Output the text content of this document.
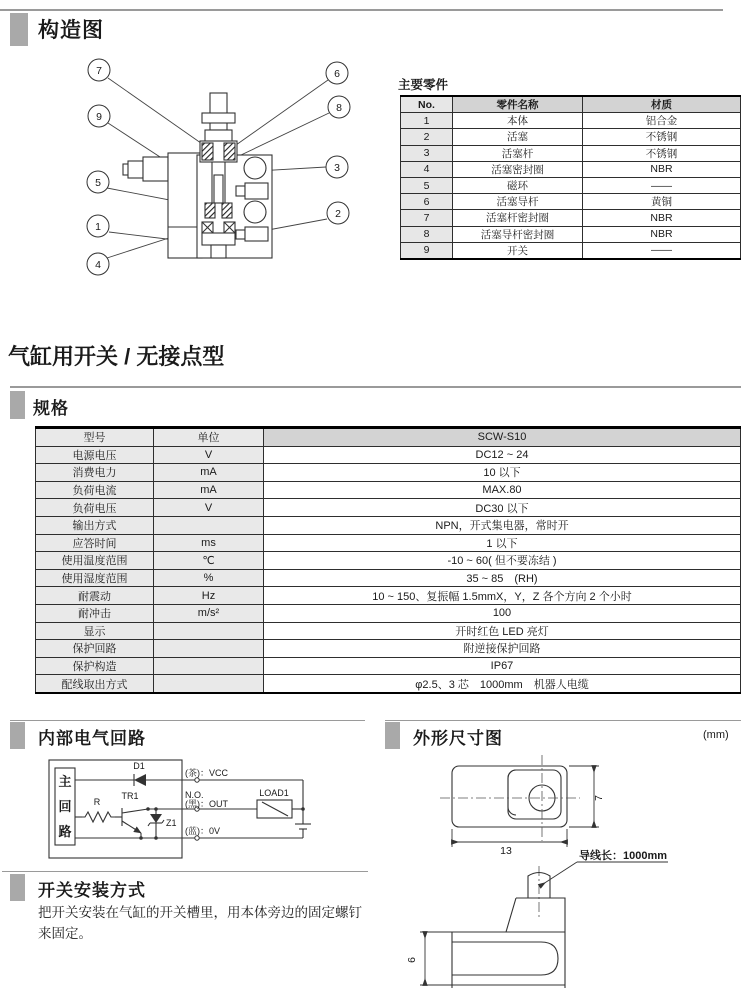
构造图
7	6
9
8
3
5
1
2
4
主要零件
No.	零件名称	材质
1	本体	铝合金
2	活塞	不锈钢
3	活塞杆	不锈钢
4	活塞密封圈	NBR
5	磁环	——
6	活塞导杆	黄铜
7	活塞杆密封圈	NBR
8	活塞导杆密封圈	NBR
9	开关	——
气缸用开关 / 无接点型
规格
型号	单位	SCW-S10
电源电压	V	DC12 ~ 24
消费电力	mA	10 以下
负荷电流	mA	MAX.80
负荷电压	V	DC30 以下
输出方式		NPN，开式集电器，常时开
应答时间	ms	1 以下
使用温度范围	℃	-10 ~ 60( 但不要冻结 )
使用湿度范围	%	35 ~ 85　(RH)
耐震动	Hz	10 ~ 150、复振幅 1.5mmX，Y，Z 各个方向 2 个小时
耐冲击	m/s²	100
显示		开时红色 LED 亮灯
保护回路		附逆接保护回路
保护构造		IP67
配线取出方式		φ2.5、3 芯　1000mm　机器人电缆
内部电气回路
主
回
路
D1
R
TR1
Z1
(茶)：VCC
N.O.
(黑)：OUT
(蓝)：0V
LOAD1
外形尺寸图	(mm)
导线长：1000mm
7
13
6
开关安装方式

把开关安装在气缸的开关槽里，用本体旁边的固定螺钉来固定。
